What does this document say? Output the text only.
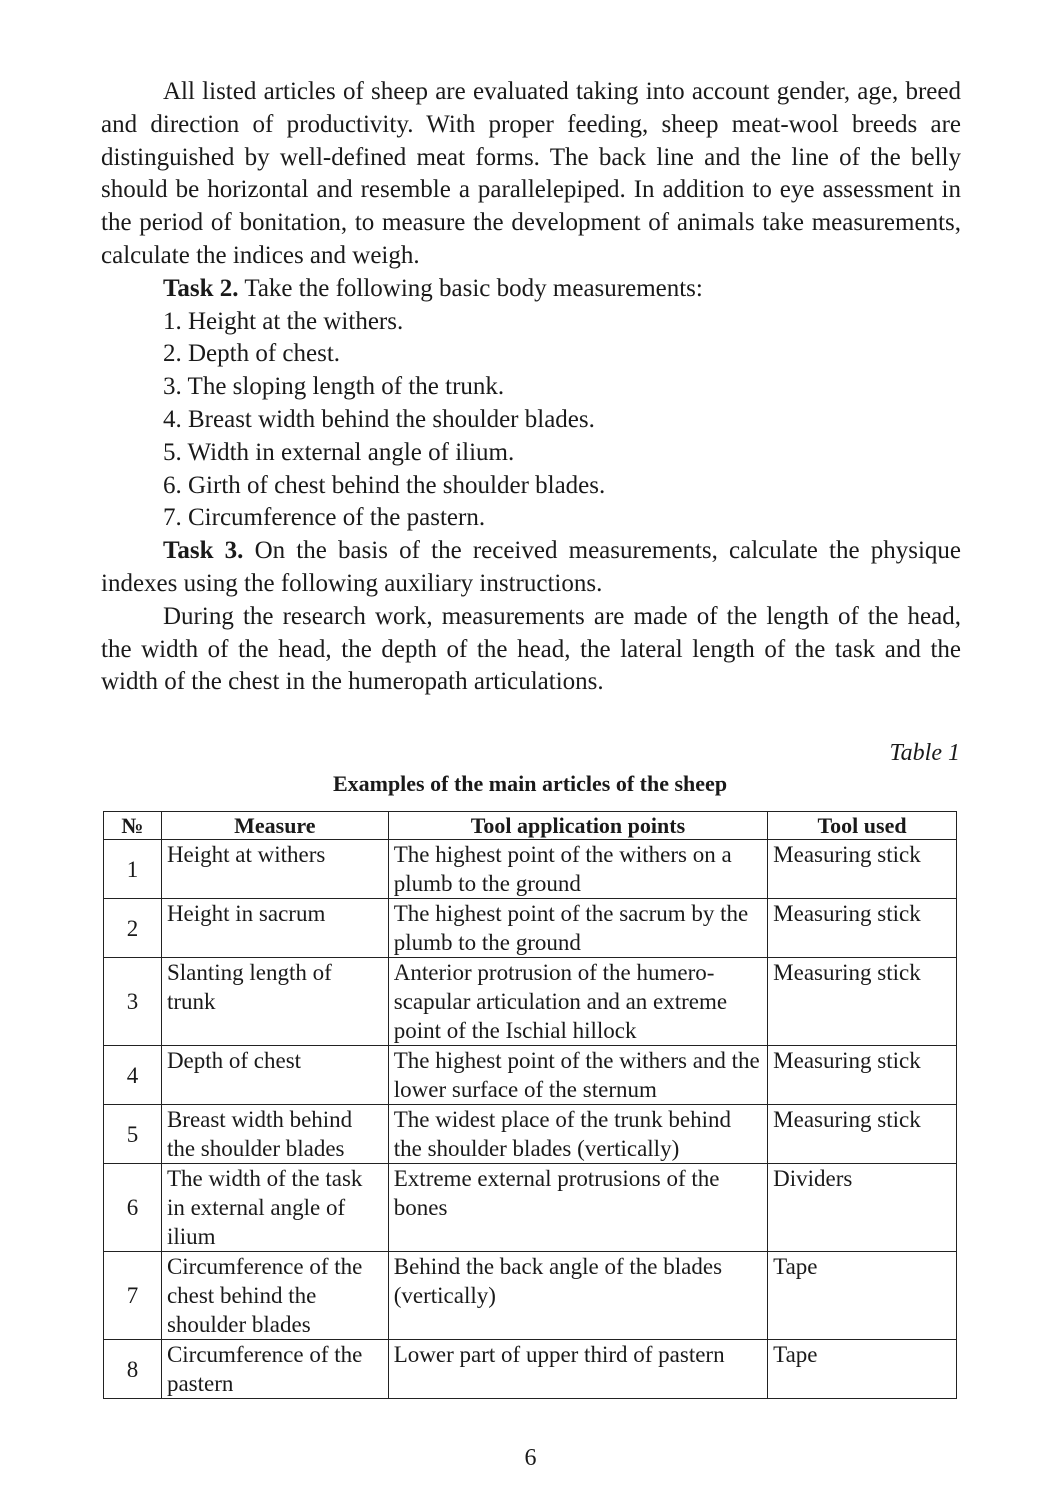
All listed articles of sheep are evaluated taking into account gender, age, breed and direction of productivity. With proper feeding, sheep meat-wool breeds are distinguished by well-defined meat forms. The back line and the line of the belly should be horizontal and resemble a parallelepiped. In addition to eye assessment in the period of bonitation, to measure the development of animals take measurements, calculate the indices and weigh.

Task 2. Take the following basic body measurements:

1. Height at the withers.
2. Depth of chest.
3. The sloping length of the trunk.
4. Breast width behind the shoulder blades.
5. Width in external angle of ilium.
6. Girth of chest behind the shoulder blades.
7. Circumference of the pastern.

Task 3. On the basis of the received measurements, calculate the physique indexes using the following auxiliary instructions.

During the research work, measurements are made of the length of the head, the width of the head, the depth of the head, the lateral length of the task and the width of the chest in the humeropath articulations.

Table 1
Examples of the main articles of the sheep
№	Measure	Tool application points	Tool used
1	Height at withers	The highest point of the withers on a plumb to the ground	Measuring stick
2	Height in sacrum	The highest point of the sacrum by the plumb to the ground	Measuring stick
3	Slanting length of trunk	Anterior protrusion of the humero-scapular articulation and an extreme point of the Ischial hillock	Measuring stick
4	Depth of chest	The highest point of the withers and the lower surface of the sternum	Measuring stick
5	Breast width behind the shoulder blades	The widest place of the trunk behind the shoulder blades (vertically)	Measuring stick
6	The width of the task in external angle of ilium	Extreme external protrusions of the bones	Dividers
7	Circumference of the chest behind the shoulder blades	Behind the back angle of the blades (vertically)	Tape
8	Circumference of the pastern	Lower part of upper third of pastern	Tape
6
